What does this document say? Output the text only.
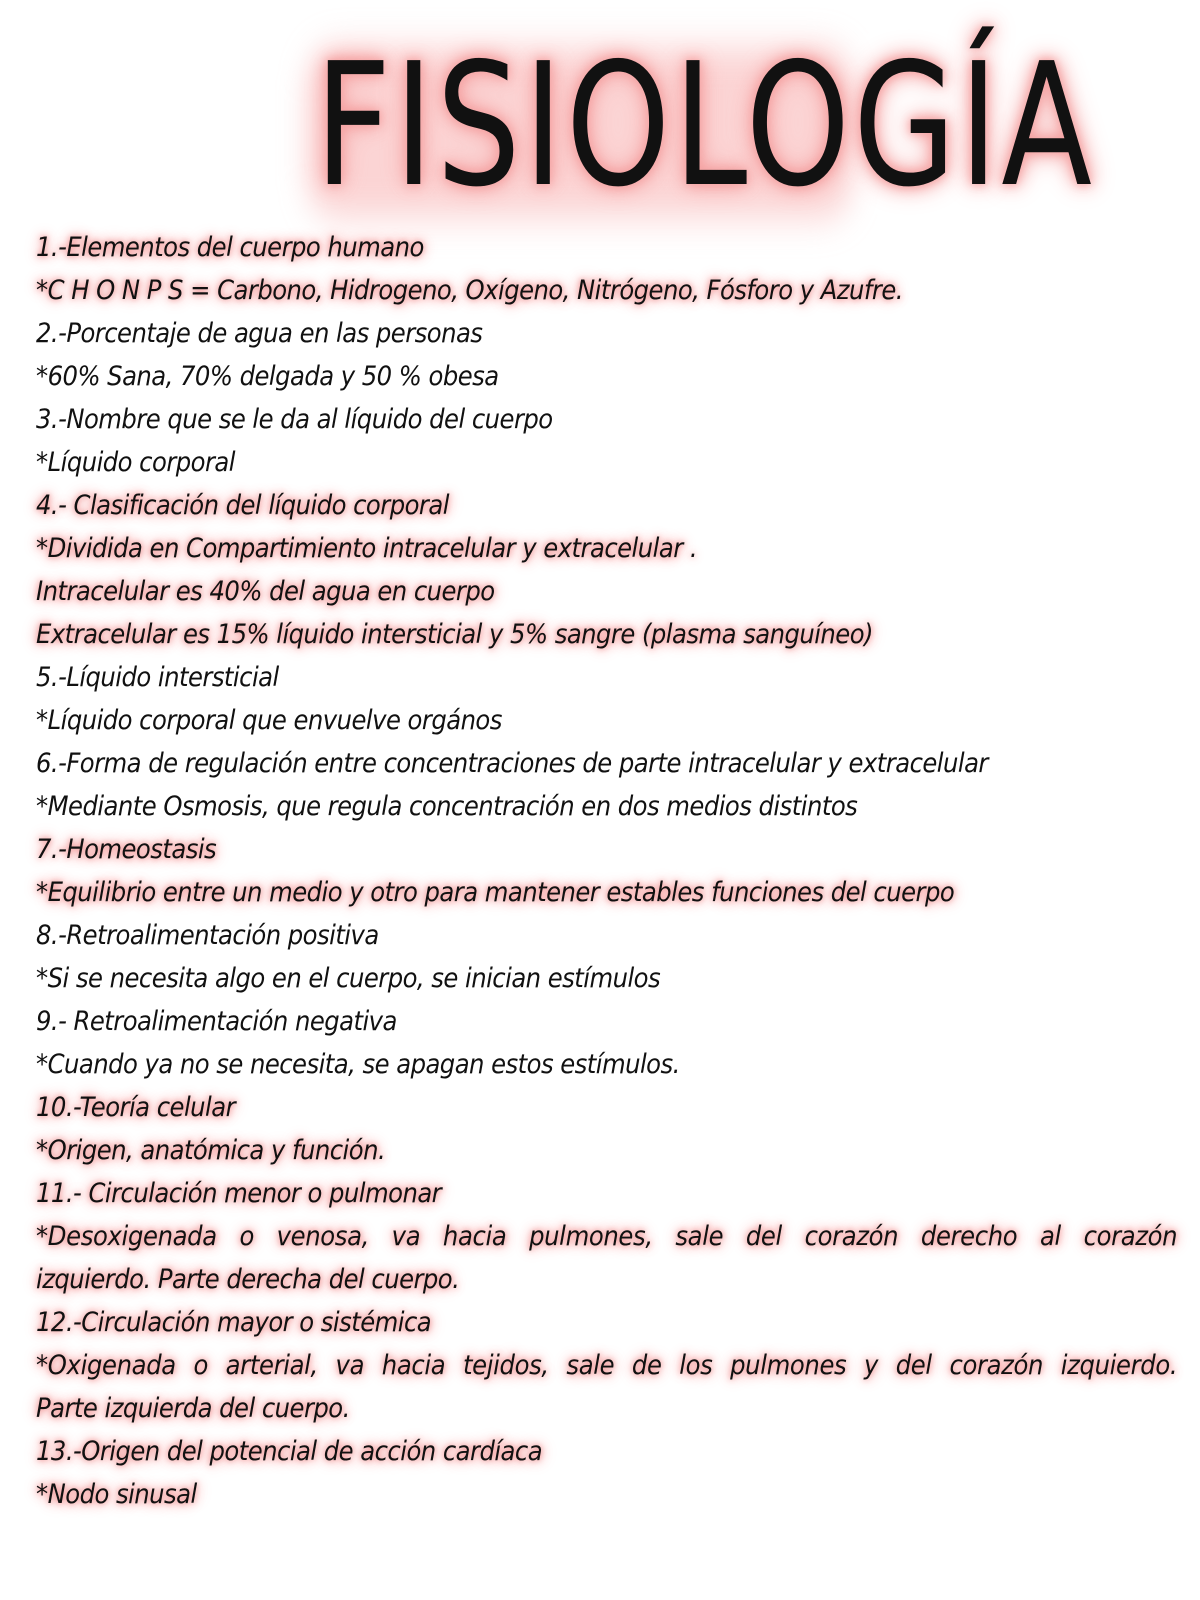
FISIOLOGÍA

1.-Elementos del cuerpo humano

*C H O N P S = Carbono, Hidrogeno, Oxígeno, Nitrógeno, Fósforo y Azufre.

2.-Porcentaje de agua en las personas

*60% Sana, 70% delgada y 50 % obesa

3.-Nombre que se le da al líquido del cuerpo

*Líquido corporal

4.- Clasificación del líquido corporal

*Dividida en Compartimiento intracelular y extracelular .

Intracelular es 40% del agua en cuerpo

Extracelular es 15% líquido intersticial y 5% sangre (plasma sanguíneo)

5.-Líquido intersticial

*Líquido corporal que envuelve orgános

6.-Forma de regulación entre concentraciones de parte intracelular y extracelular

*Mediante Osmosis, que regula concentración en dos medios distintos

7.-Homeostasis

*Equilibrio entre un medio y otro para mantener estables funciones del cuerpo

8.-Retroalimentación positiva

*Si se necesita algo en el cuerpo, se inician estímulos

9.- Retroalimentación negativa

*Cuando ya no se necesita, se apagan estos estímulos.

10.-Teoría celular

*Origen, anatómica y función.

11.- Circulación menor o pulmonar

*Desoxigenada o venosa, va hacia pulmones, sale del corazón derecho al corazón

izquierdo. Parte derecha del cuerpo.

12.-Circulación mayor o sistémica

*Oxigenada o arterial, va hacia tejidos, sale de los pulmones y del corazón izquierdo.

Parte izquierda del cuerpo.

13.-Origen del potencial de acción cardíaca

*Nodo sinusal
